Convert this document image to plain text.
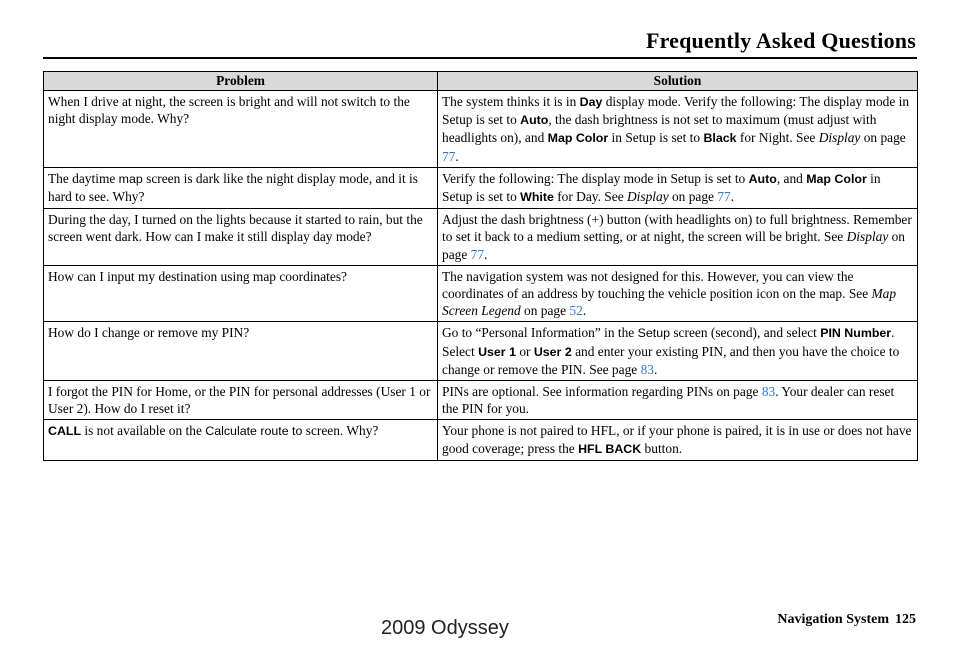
Frequently Asked Questions
Problem	Solution
When I drive at night, the screen is bright and will not switch to the night display mode. Why?	The system thinks it is in Day display mode. Verify the following: The display mode in Setup is set to Auto, the dash brightness is not set to maximum (must adjust with headlights on), and Map Color in Setup is set to Black for Night. See Display on page 77.
The daytime map screen is dark like the night display mode, and it is hard to see. Why?	Verify the following: The display mode in Setup is set to Auto, and Map Color in Setup is set to White for Day. See Display on page 77.
During the day, I turned on the lights because it started to rain, but the screen went dark. How can I make it still display day mode?	Adjust the dash brightness (+) button (with headlights on) to full brightness. Remember to set it back to a medium setting, or at night, the screen will be bright. See Display on page 77.
How can I input my destination using map coordinates?	The navigation system was not designed for this. However, you can view the coordinates of an address by touching the vehicle position icon on the map. See Map Screen Legend on page 52.
How do I change or remove my PIN?	Go to “Personal Information” in the Setup screen (second), and select PIN Number. Select User 1 or User 2 and enter your existing PIN, and then you have the choice to change or remove the PIN. See page 83.
I forgot the PIN for Home, or the PIN for personal addresses (User 1 or User 2). How do I reset it?	PINs are optional. See information regarding PINs on page 83. Your dealer can reset the PIN for you.
CALL is not available on the Calculate route to screen. Why?	Your phone is not paired to HFL, or if your phone is paired, it is in use or does not have good coverage; press the HFL BACK button.
Navigation System 125
2009 Odyssey
